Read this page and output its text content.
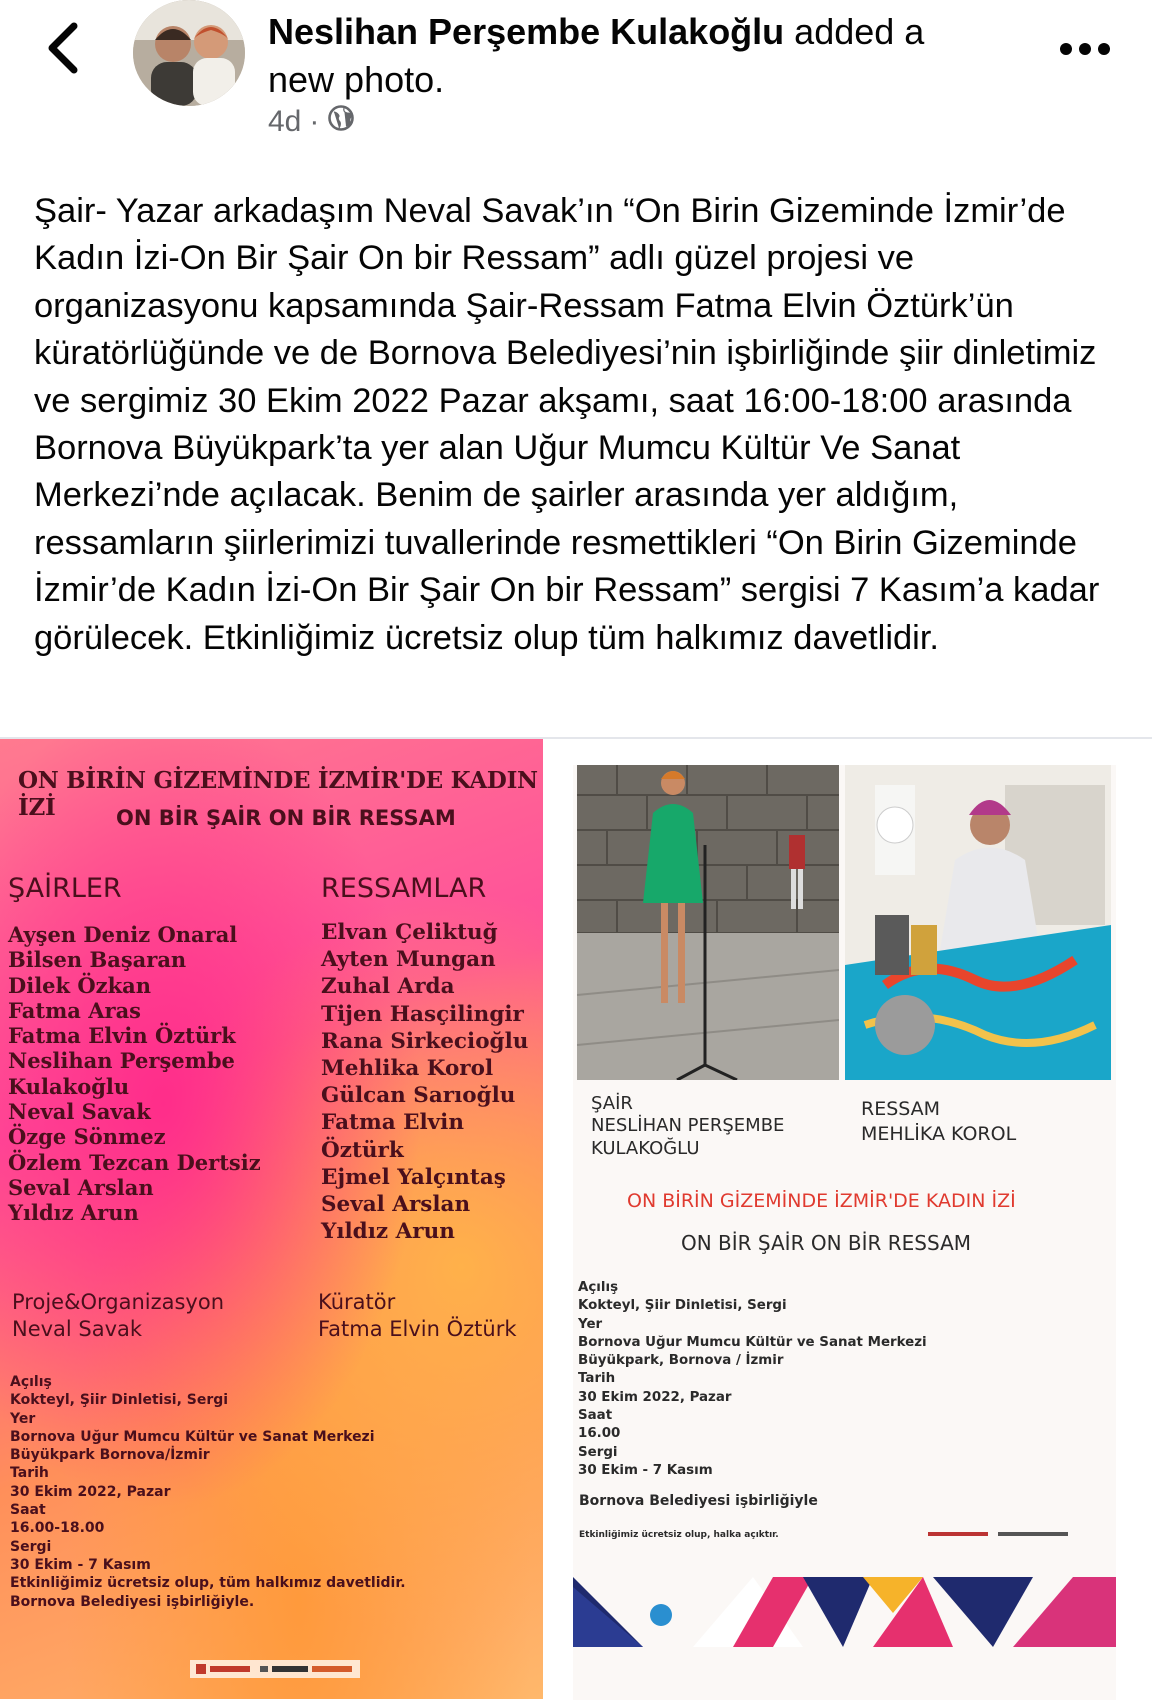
Neslihan Perşembe Kulakoğlu added a new photo.
4d ·
Şair- Yazar arkadaşım Neval Savak’ın “On Birin Gizeminde İzmir’de Kadın İzi-On Bir Şair On bir Ressam” adlı güzel projesi ve organizasyonu kapsamında Şair-Ressam Fatma Elvin Öztürk’ün küratörlüğünde ve de Bornova Belediyesi’nin işbirliğinde şiir dinletimiz ve sergimiz 30 Ekim 2022 Pazar akşamı, saat 16:00-18:00 arasında Bornova Büyükpark’ta yer alan Uğur Mumcu Kültür Ve Sanat Merkezi’nde açılacak. Benim de şairler arasında yer aldığım, ressamların şiirlerimizi tuvallerinde resmettikleri “On Birin Gizeminde İzmir’de Kadın İzi-On Bir Şair On bir Ressam” sergisi 7 Kasım’a kadar görülecek. Etkinliğimiz ücretsiz olup tüm halkımız davetlidir.
ON BİRİN GİZEMİNDE İZMİR'DE KADIN İZİ	ON BİR ŞAİR ON BİR RESSAM
ŞAİRLER	RESSAMLAR
Ayşen Deniz Onaral
Bilsen Başaran
Dilek Özkan
Fatma Aras
Fatma Elvin Öztürk
Neslihan Perşembe
Kulakoğlu
Neval Savak
Özge Sönmez
Özlem Tezcan Dertsiz
Seval Arslan
Yıldız Arun
Elvan Çeliktuğ
Ayten Mungan
Zuhal Arda
Tijen Hasçilingir
Rana Sirkecioğlu
Mehlika Korol
Gülcan Sarıoğlu
Fatma Elvin Öztürk
Ejmel Yalçıntaş
Seval Arslan
Yıldız Arun
Proje&Organizasyon
Neval Savak
Küratör
Fatma Elvin Öztürk
Açılış
Kokteyl, Şiir Dinletisi, Sergi
Yer
Bornova Uğur Mumcu Kültür ve Sanat Merkezi
Büyükpark Bornova/İzmir
Tarih
30 Ekim 2022, Pazar
Saat
16.00-18.00
Sergi
30 Ekim - 7 Kasım
Etkinliğimiz ücretsiz olup, tüm halkımız davetlidir.
Bornova Belediyesi işbirliğiyle.
ŞAİR
NESLİHAN PERŞEMBE
KULAKOĞLU
RESSAM
MEHLİKA KOROL
ON BİRİN GİZEMİNDE İZMİR'DE KADIN İZİ
ON BİR ŞAİR ON BİR RESSAM
Açılış
Kokteyl, Şiir Dinletisi, Sergi
Yer
Bornova Uğur Mumcu Kültür ve Sanat Merkezi
Büyükpark, Bornova / İzmir
Tarih
30 Ekim 2022, Pazar
Saat
16.00
Sergi
30 Ekim - 7 Kasım
Bornova Belediyesi işbirliğiyle
Etkinliğimiz ücretsiz olup, halka açıktır.
